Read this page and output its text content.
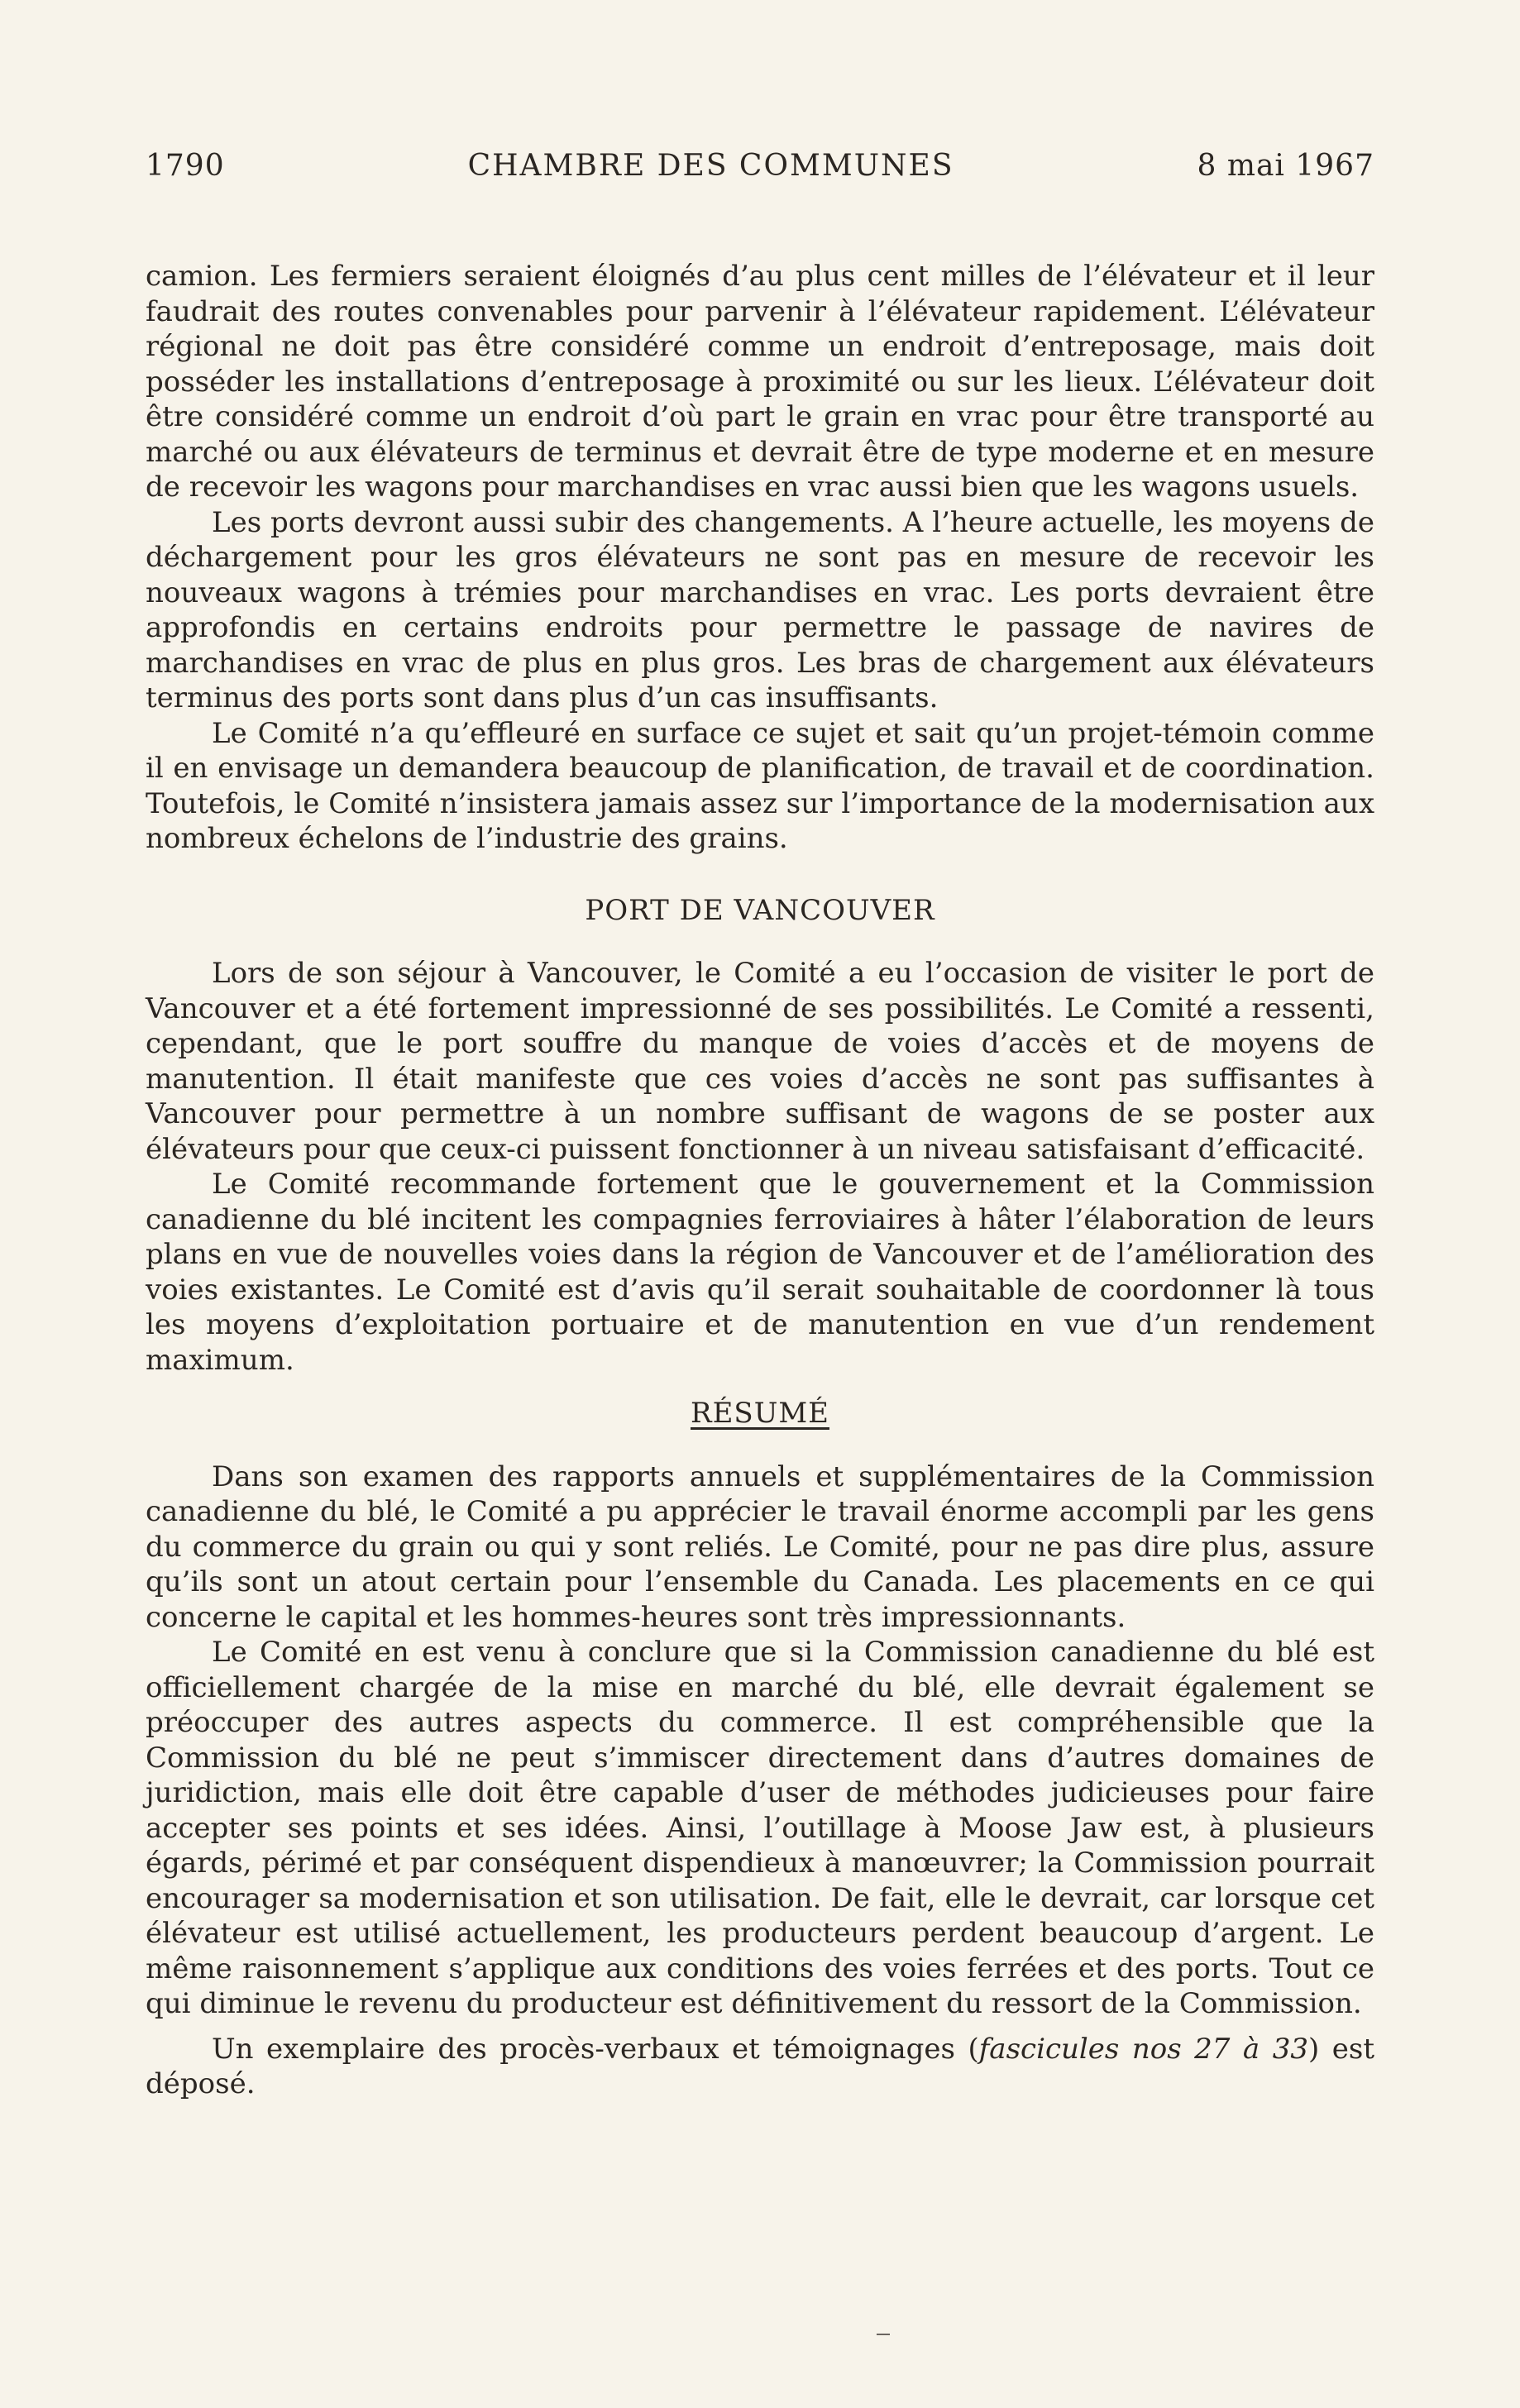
1790	CHAMBRE DES COMMUNES	8 mai 1967

camion. Les fermiers seraient éloignés d’au plus cent milles de l’élévateur et il leur faudrait des routes convenables pour parvenir à l’élévateur rapidement. L’élévateur régional ne doit pas être considéré comme un endroit d’entreposage, mais doit posséder les installations d’entreposage à proximité ou sur les lieux. L’élévateur doit être considéré comme un endroit d’où part le grain en vrac pour être transporté au marché ou aux élévateurs de terminus et devrait être de type moderne et en mesure de recevoir les wagons pour marchandises en vrac aussi bien que les wagons usuels.

Les ports devront aussi subir des changements. A l’heure actuelle, les moyens de déchargement pour les gros élévateurs ne sont pas en mesure de recevoir les nouveaux wagons à trémies pour marchandises en vrac. Les ports devraient être approfondis en certains endroits pour permettre le passage de navires de marchandises en vrac de plus en plus gros. Les bras de chargement aux élévateurs terminus des ports sont dans plus d’un cas insuffisants.

Le Comité n’a qu’effleuré en surface ce sujet et sait qu’un projet-témoin comme il en envisage un demandera beaucoup de planification, de travail et de coordination. Toutefois, le Comité n’insistera jamais assez sur l’importance de la modernisation aux nombreux échelons de l’industrie des grains.

PORT DE VANCOUVER

Lors de son séjour à Vancouver, le Comité a eu l’occasion de visiter le port de Vancouver et a été fortement impressionné de ses possibilités. Le Comité a ressenti, cependant, que le port souffre du manque de voies d’accès et de moyens de manutention. Il était manifeste que ces voies d’accès ne sont pas suffisantes à Vancouver pour permettre à un nombre suffisant de wagons de se poster aux élévateurs pour que ceux-ci puissent fonctionner à un niveau satisfaisant d’efficacité.

Le Comité recommande fortement que le gouvernement et la Commission canadienne du blé incitent les compagnies ferroviaires à hâter l’élaboration de leurs plans en vue de nouvelles voies dans la région de Vancouver et de l’amélioration des voies existantes. Le Comité est d’avis qu’il serait souhaitable de coordonner là tous les moyens d’exploitation portuaire et de manutention en vue d’un rendement maximum.

RÉSUMÉ

Dans son examen des rapports annuels et supplémentaires de la Commission canadienne du blé, le Comité a pu apprécier le travail énorme accompli par les gens du commerce du grain ou qui y sont reliés. Le Comité, pour ne pas dire plus, assure qu’ils sont un atout certain pour l’ensemble du Canada. Les placements en ce qui concerne le capital et les hommes-heures sont très impressionnants.

Le Comité en est venu à conclure que si la Commission canadienne du blé est officiellement chargée de la mise en marché du blé, elle devrait également se préoccuper des autres aspects du commerce. Il est compréhensible que la Commission du blé ne peut s’immiscer directement dans d’autres domaines de juridiction, mais elle doit être capable d’user de méthodes judicieuses pour faire accepter ses points et ses idées. Ainsi, l’outillage à Moose Jaw est, à plusieurs égards, périmé et par conséquent dispendieux à manœuvrer; la Commission pourrait encourager sa modernisation et son utilisation. De fait, elle le devrait, car lorsque cet élévateur est utilisé actuellement, les producteurs perdent beaucoup d’argent. Le même raisonnement s’applique aux conditions des voies ferrées et des ports. Tout ce qui diminue le revenu du producteur est définitivement du ressort de la Commission.

Un exemplaire des procès-verbaux et témoignages (fascicules nos 27 à 33) est déposé.
